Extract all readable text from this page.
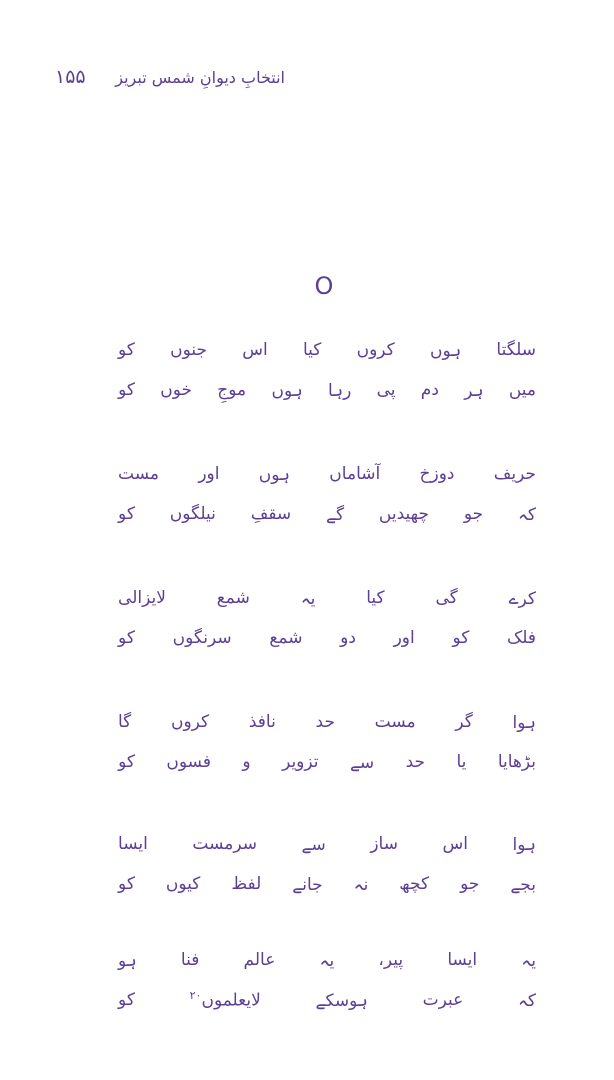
۱۵۵ انتخابِ دیوانِ شمس تبریز
O
سلگتا
ہوں
کروں
کیا
اس
جنوں
کو
میں
ہر
دم
پی
رہا
ہوں
موجِ
خوں
کو
حریف
دوزخ
آشاماں
ہوں
اور
مست
کہ
جو
چھیدیں
گے
سقفِ
نیلگوں
کو
کرے
گی
کیا
یہ
شمع
لایزالی
فلک
کو
اور
دو
شمع
سرنگوں
کو
ہوا
گر
مست
حد
نافذ
کروں
گا
بڑھایا
یا
حد
سے
تزویر
و
فسوں
کو
ہوا
اس
ساز
سے
سرمست
ایسا
بجے
جو
کچھ
نہ
جانے
لفظ
کیوں
کو
یہ
ایسا
پیر،
یہ
عالم
فنا
ہو
کہ
عبرت
ہوسکے
لایعلموں۲۰
کو
